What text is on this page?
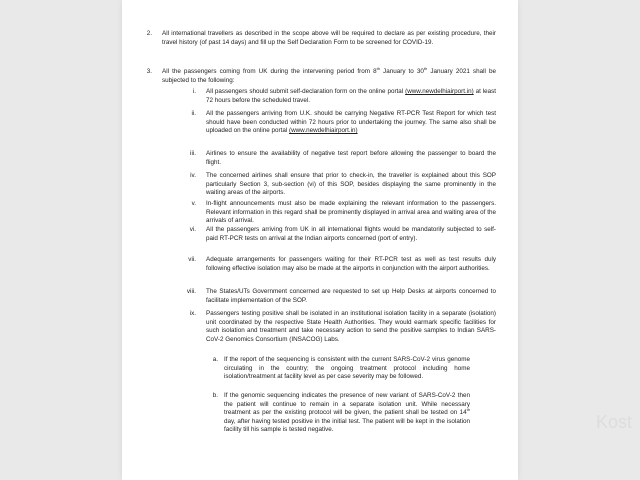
2. All international travellers as described in the scope above will be required to declare as per existing procedure, their travel history (of past 14 days) and fill up the Self Declaration Form to be screened for COVID-19.
3. All the passengers coming from UK during the intervening period from 8th January to 30th January 2021 shall be subjected to the following:
i. All passengers should submit self-declaration form on the online portal (www.newdelhiairport.in) at least 72 hours before the scheduled travel.
ii. All the passengers arriving from U.K. should be carrying Negative RT-PCR Test Report for which test should have been conducted within 72 hours prior to undertaking the journey. The same also shall be uploaded on the online portal (www.newdelhiairport.in)
iii. Airlines to ensure the availability of negative test report before allowing the passenger to board the flight.
iv. The concerned airlines shall ensure that prior to check-in, the traveller is explained about this SOP particularly Section 3, sub-section (vi) of this SOP, besides displaying the same prominently in the waiting areas of the airports.
v. In-flight announcements must also be made explaining the relevant information to the passengers. Relevant information in this regard shall be prominently displayed in arrival area and waiting area of the arrivals of arrival.
vi. All the passengers arriving from UK in all international flights would be mandatorily subjected to self-paid RT-PCR tests on arrival at the Indian airports concerned (port of entry).
vii. Adequate arrangements for passengers waiting for their RT-PCR test as well as test results duly following effective isolation may also be made at the airports in conjunction with the airport authorities.
viii. The States/UTs Government concerned are requested to set up Help Desks at airports concerned to facilitate implementation of the SOP.
ix. Passengers testing positive shall be isolated in an institutional isolation facility in a separate (isolation) unit coordinated by the respective State Health Authorities. They would earmark specific facilities for such isolation and treatment and take necessary action to send the positive samples to Indian SARS-CoV-2 Genomics Consortium (INSACOG) Labs.
a. If the report of the sequencing is consistent with the current SARS-CoV-2 virus genome circulating in the country; the ongoing treatment protocol including home isolation/treatment at facility level as per case severity may be followed.
b. If the genomic sequencing indicates the presence of new variant of SARS-CoV-2 then the patient will continue to remain in a separate isolation unit. While necessary treatment as per the existing protocol will be given, the patient shall be tested on 14th day, after having tested positive in the initial test. The patient will be kept in the isolation facility till his sample is tested negative.	Kost
